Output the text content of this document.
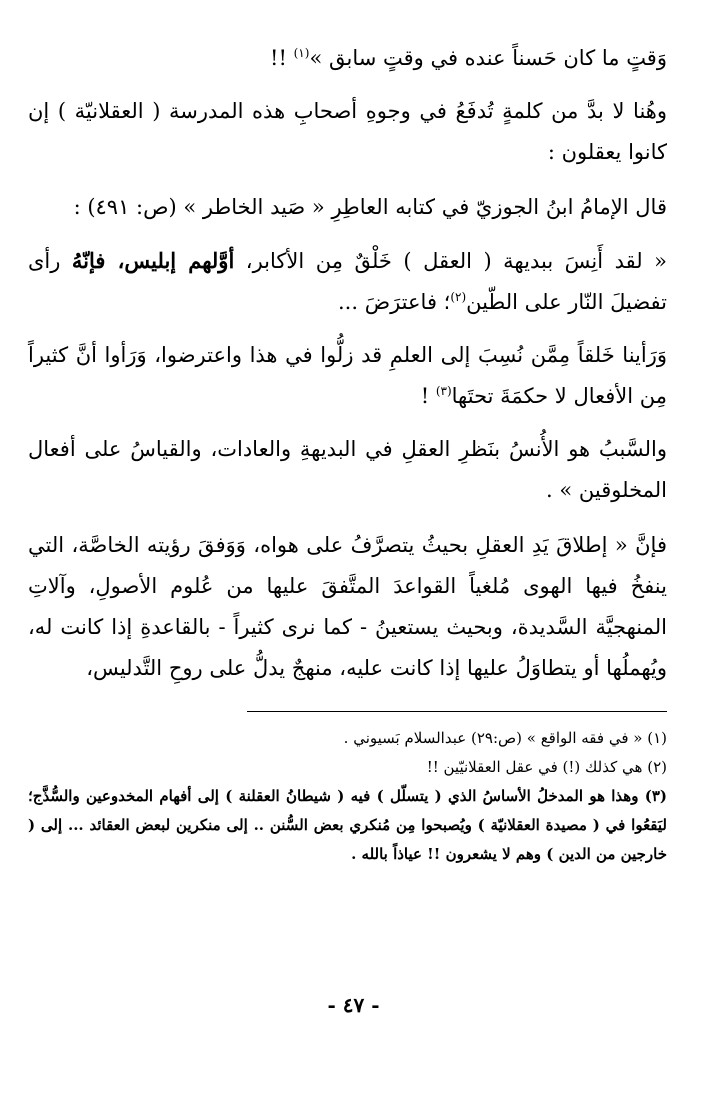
وَقتٍ ما كان حَسناً عنده في وقتٍ سابق »$^{(١)}$ !!

وهُنا لا بدَّ من كلمةٍ تُدفَعُ في وجوهِ أصحابِ هذه المدرسة ( العقلانيّة ) إن كانوا يعقلون :

قال الإمامُ ابنُ الجوزيّ في كتابه العاطِرِ « صَيد الخاطر » (ص: ٤٩١) :

« لقد أَنِسَ ببديهة ( العقل ) خَلْقٌ مِن الأكابر، أوَّلهم إبليس، فإنّهُ رأى تفضيلَ النّار على الطّين$^{(٢)}$؛ فاعترَضَ ...

وَرَأينا خَلقاً مِمَّن نُسِبَ إلى العلمِ قد زلُّوا في هذا واعترضوا، وَرَأوا أنَّ كثيراً مِن الأفعال لا حكمَةَ تحتَها$^{(٣)}$ !

والسَّببُ هو الأُنسُ بنَظرِ العقلِ في البديهةِ والعادات، والقياسُ على أفعال المخلوقين » .

فإنَّ « إطلاقَ يَدِ العقلِ بحيثُ يتصرَّفُ على هواه، وَوَفقَ رؤيته الخاصَّة، التي ينفخُ فيها الهوى مُلغياً القواعدَ المتَّفقَ عليها من عُلوم الأصولِ، وآلاتِ المنهجيَّة السَّديدة، وبحيث يستعينُ - كما نرى كثيراً - بالقاعدةِ إذا كانت له، ويُهملُها أو يتطاوَلُ عليها إذا كانت عليه، منهجٌ يدلُّ على روحِ التَّدليس،

(١) « في فقه الواقع » (ص:٢٩) عبدالسلام بَسيوني .

(٢) هي كذلك (!) في عقل العقلانيّين !!

(٣) وهذا هو المدخلُ الأساسُ الذي ( يتسلّل ) فيه ( شيطانُ العقلنة ) إلى أفهام المخدوعين والسُّذَّج؛ ليَقعُوا في ( مصيدة العقلانيّة ) ويُصبحوا مِن مُنكري بعض السُّنن .. إلى منكرين لبعض العقائد ... إلى ( خارجين من الدين ) وهم لا يشعرون !! عياذاً بالله .

- ٤٧ -
